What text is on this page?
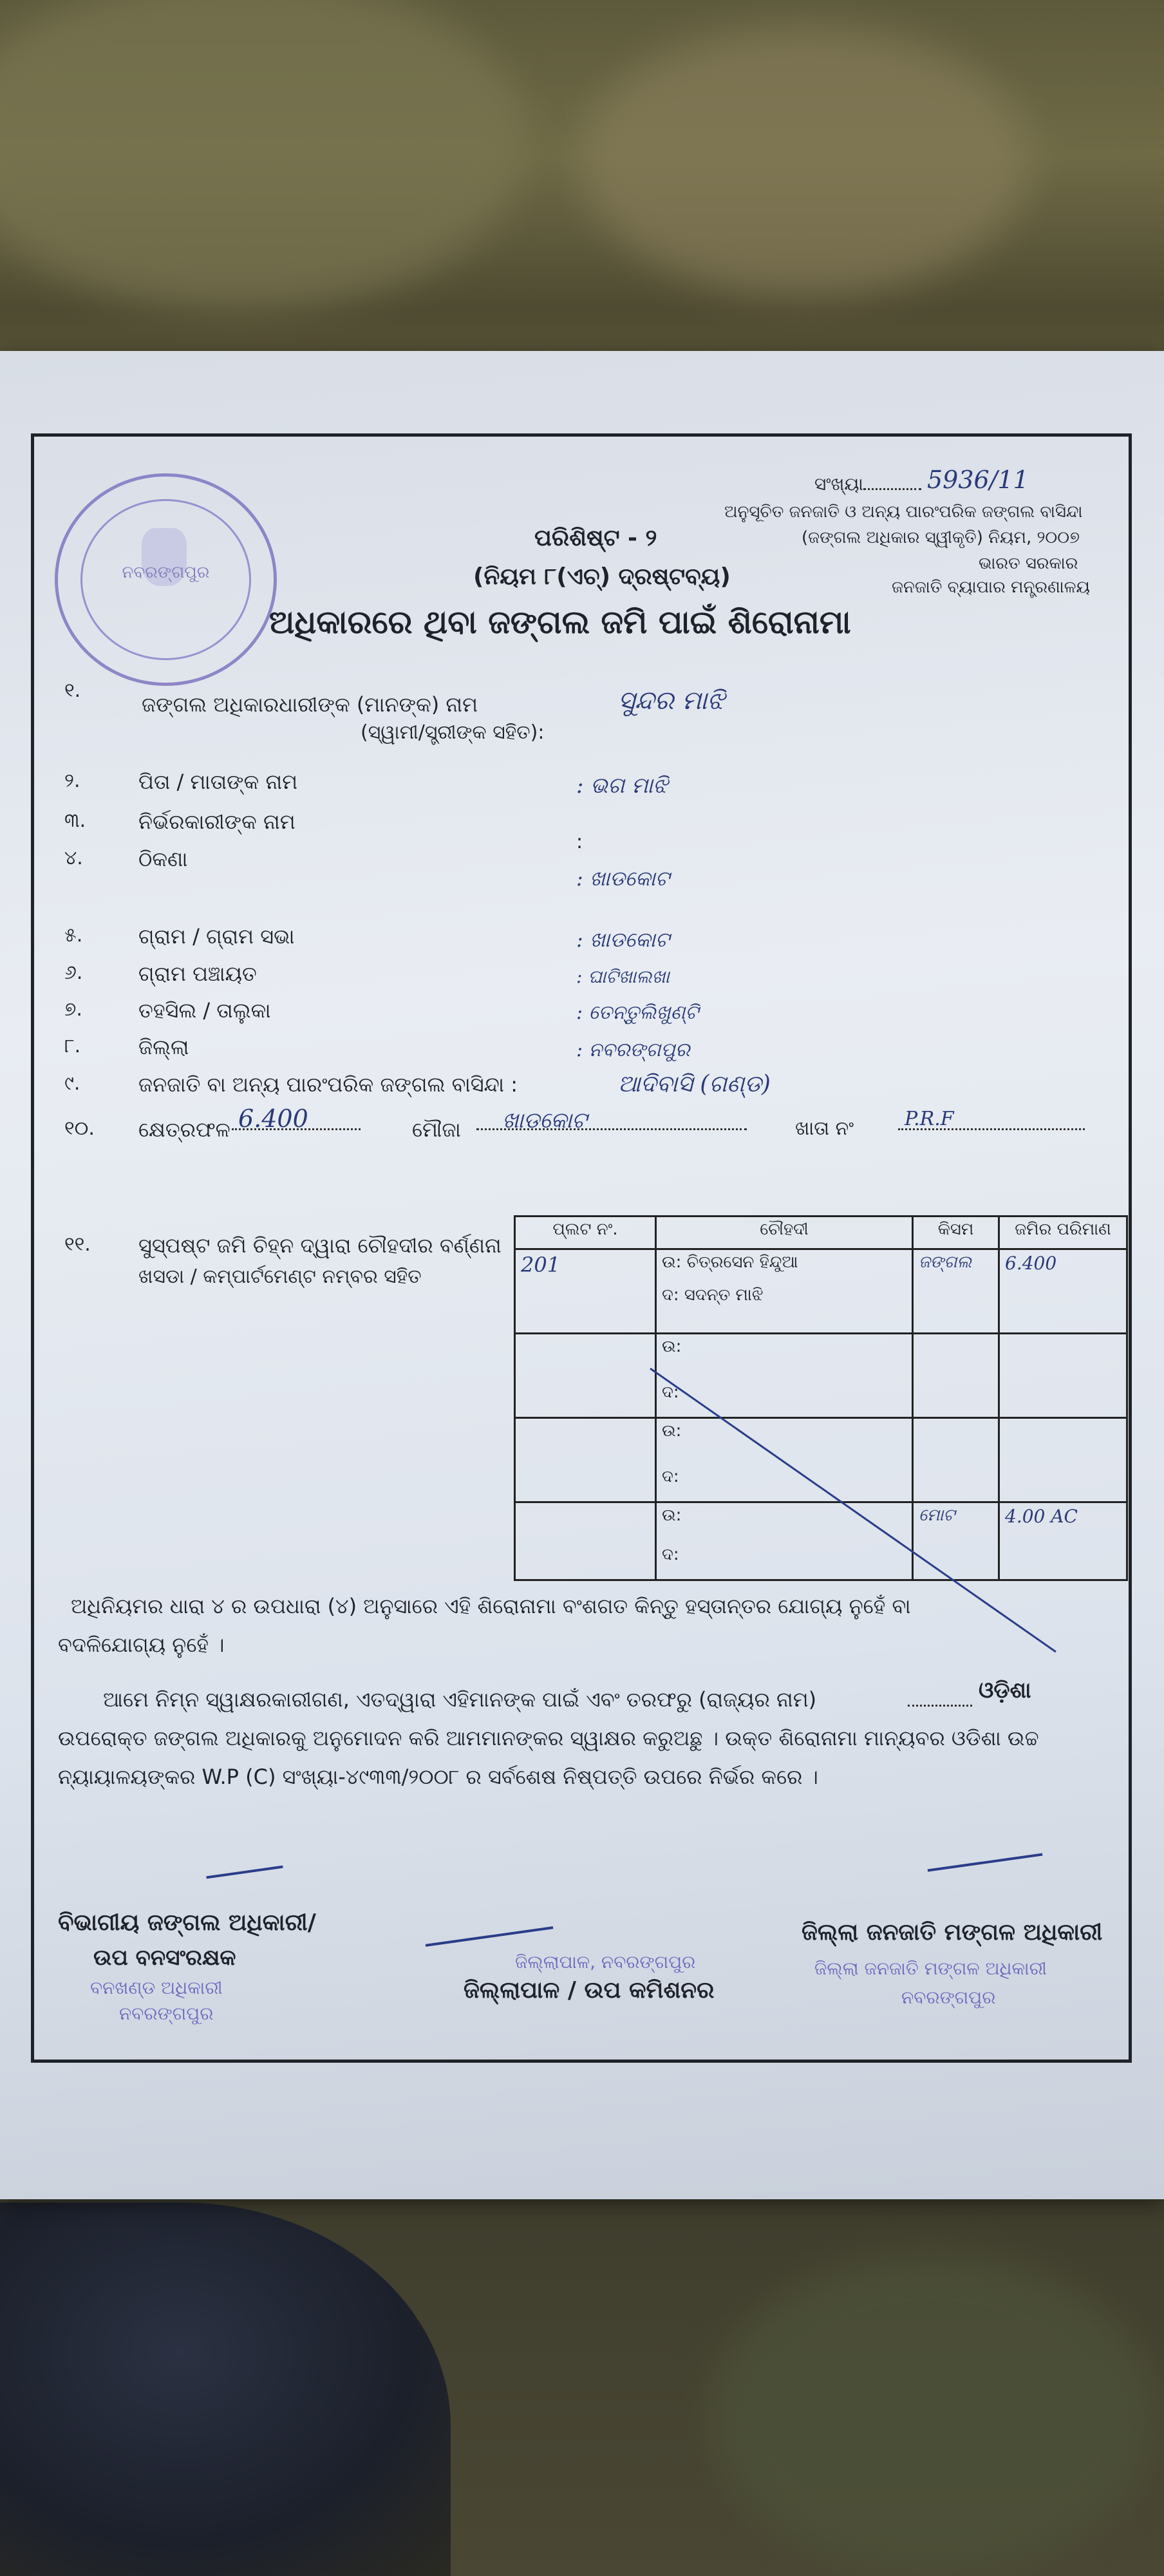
ନବରଙ୍ଗପୁର
ସଂଖ୍ୟା	5936/11
ଅନୁସୂଚିତ ଜନଜାତି ଓ ଅନ୍ୟ ପାରଂପରିକ ଜଙ୍ଗଲ ବାସିନ୍ଦା
(ଜଙ୍ଗଲ ଅଧିକାର ସ୍ୱୀକୃତି) ନିୟମ, ୨୦୦୭
ଭାରତ ସରକାର
ଜନଜାତି ବ୍ୟାପାର ମନ୍ତ୍ରଣାଳୟ
ପରିଶିଷ୍ଟ - ୨
(ନିୟମ ୮(ଏଚ୍) ଦ୍ରଷ୍ଟବ୍ୟ)
ଅଧିକାରରେ ଥିବା ଜଙ୍ଗଲ ଜମି ପାଇଁ ଶିରୋନାମା
୧.
ଜଙ୍ଗଲ ଅଧିକାରଧାରୀଙ୍କ (ମାନଙ୍କ) ନାମ
(ସ୍ୱାମୀ/ସ୍ତ୍ରୀଙ୍କ ସହିତ):
ସୁନ୍ଦର ମାଝି
୨.	ପିତା / ମାତାଙ୍କ ନାମ	: ଭଗ ମାଝି
୩.	ନିର୍ଭରକାରୀଙ୍କ ନାମ
:
୪.	ଠିକଣା
: ଖାଡକୋଟ
୫.	ଗ୍ରାମ / ଗ୍ରାମ ସଭା	: ଖାଡକୋଟ
୬.	ଗ୍ରାମ ପଞ୍ଚାୟତ	: ଘାଟିଖାଲଖା
୭.	ତହସିଲ / ତାଲୁକା	: ତେନ୍ତୁଲିଖୁଣ୍ଟି
୮.	ଜିଲ୍ଲା	: ନବରଙ୍ଗପୁର
୯.	ଜନଜାତି ବା ଅନ୍ୟ ପାରଂପରିକ ଜଙ୍ଗଲ ବାସିନ୍ଦା :	ଆଦିବାସି (ଗଣ୍ଡ)
୧୦. କ୍ଷେତ୍ରଫଳ 6.400	ମୌଜା ଖାଡକୋଟ	ଖାତା ନଂ	P.R.F
୧୧. ସୁସ୍ପଷ୍ଟ ଜମି ଚିହ୍ନ ଦ୍ୱାରା ଚୌହଦୀର ବର୍ଣ୍ଣନା
ଖସଡା / କମ୍ପାର୍ଟମେଣ୍ଟ ନମ୍ବର ସହିତ
ପ୍ଲଟ ନଂ.	ଚୌହଦୀ	କିସମ	ଜମିର ପରିମାଣ
201	ଉ: ଚିତ୍ରସେନ ହିନ୍ଦୁଆ
ଦ: ସଦନ୍ତ ମାଝି	ଜଙ୍ଗଲ	6.400

	ଉ:
ଦ:		

	ଉ:
ଦ:		

	ଉ:
ଦ:	ମୋଟ	4.00 AC
ଅଧିନିୟମର ଧାରା ୪ ର ଉପଧାରା (୪) ଅନୁସାରେ ଏହି ଶିରୋନାମା ବଂଶଗତ କିନ୍ତୁ ହସ୍ତାନ୍ତର ଯୋଗ୍ୟ ନୁହେଁ ବା
ବଦଳିଯୋଗ୍ୟ ନୁହେଁ ।
ଆମେ ନିମ୍ନ ସ୍ୱାକ୍ଷରକାରୀଗଣ, ଏତଦ୍ୱାରା ଏହିମାନଙ୍କ ପାଇଁ ଏବଂ ତରଫରୁ (ରାଜ୍ୟର ନାମ)	ଓଡ଼ିଶା
ଉପରୋକ୍ତ ଜଙ୍ଗଲ ଅଧିକାରକୁ ଅନୁମୋଦନ କରି ଆମମାନଙ୍କର ସ୍ୱାକ୍ଷର କରୁଅଛୁ । ଉକ୍ତ ଶିରୋନାମା ମାନ୍ୟବର ଓଡିଶା ଉଚ୍ଚ
ନ୍ୟାୟାଳୟଙ୍କର W.P (C) ସଂଖ୍ୟା-୪୯୩୩/୨୦୦୮ ର ସର୍ବଶେଷ ନିଷ୍ପତ୍ତି ଉପରେ ନିର୍ଭର କରେ ।
ବିଭାଗୀୟ ଜଙ୍ଗଲ ଅଧିକାରୀ/
ଉପ ବନସଂରକ୍ଷକ
ବନଖଣ୍ଡ ଅଧିକାରୀ
ନବରଙ୍ଗପୁର
ଜିଲ୍ଲାପାଳ, ନବରଙ୍ଗପୁର
ଜିଲ୍ଲାପାଳ / ଉପ କମିଶନର
ଜିଲ୍ଲା ଜନଜାତି ମଙ୍ଗଳ ଅଧିକାରୀ
ଜିଲ୍ଲା ଜନଜାତି ମଙ୍ଗଳ ଅଧିକାରୀ
ନବରଙ୍ଗପୁର
